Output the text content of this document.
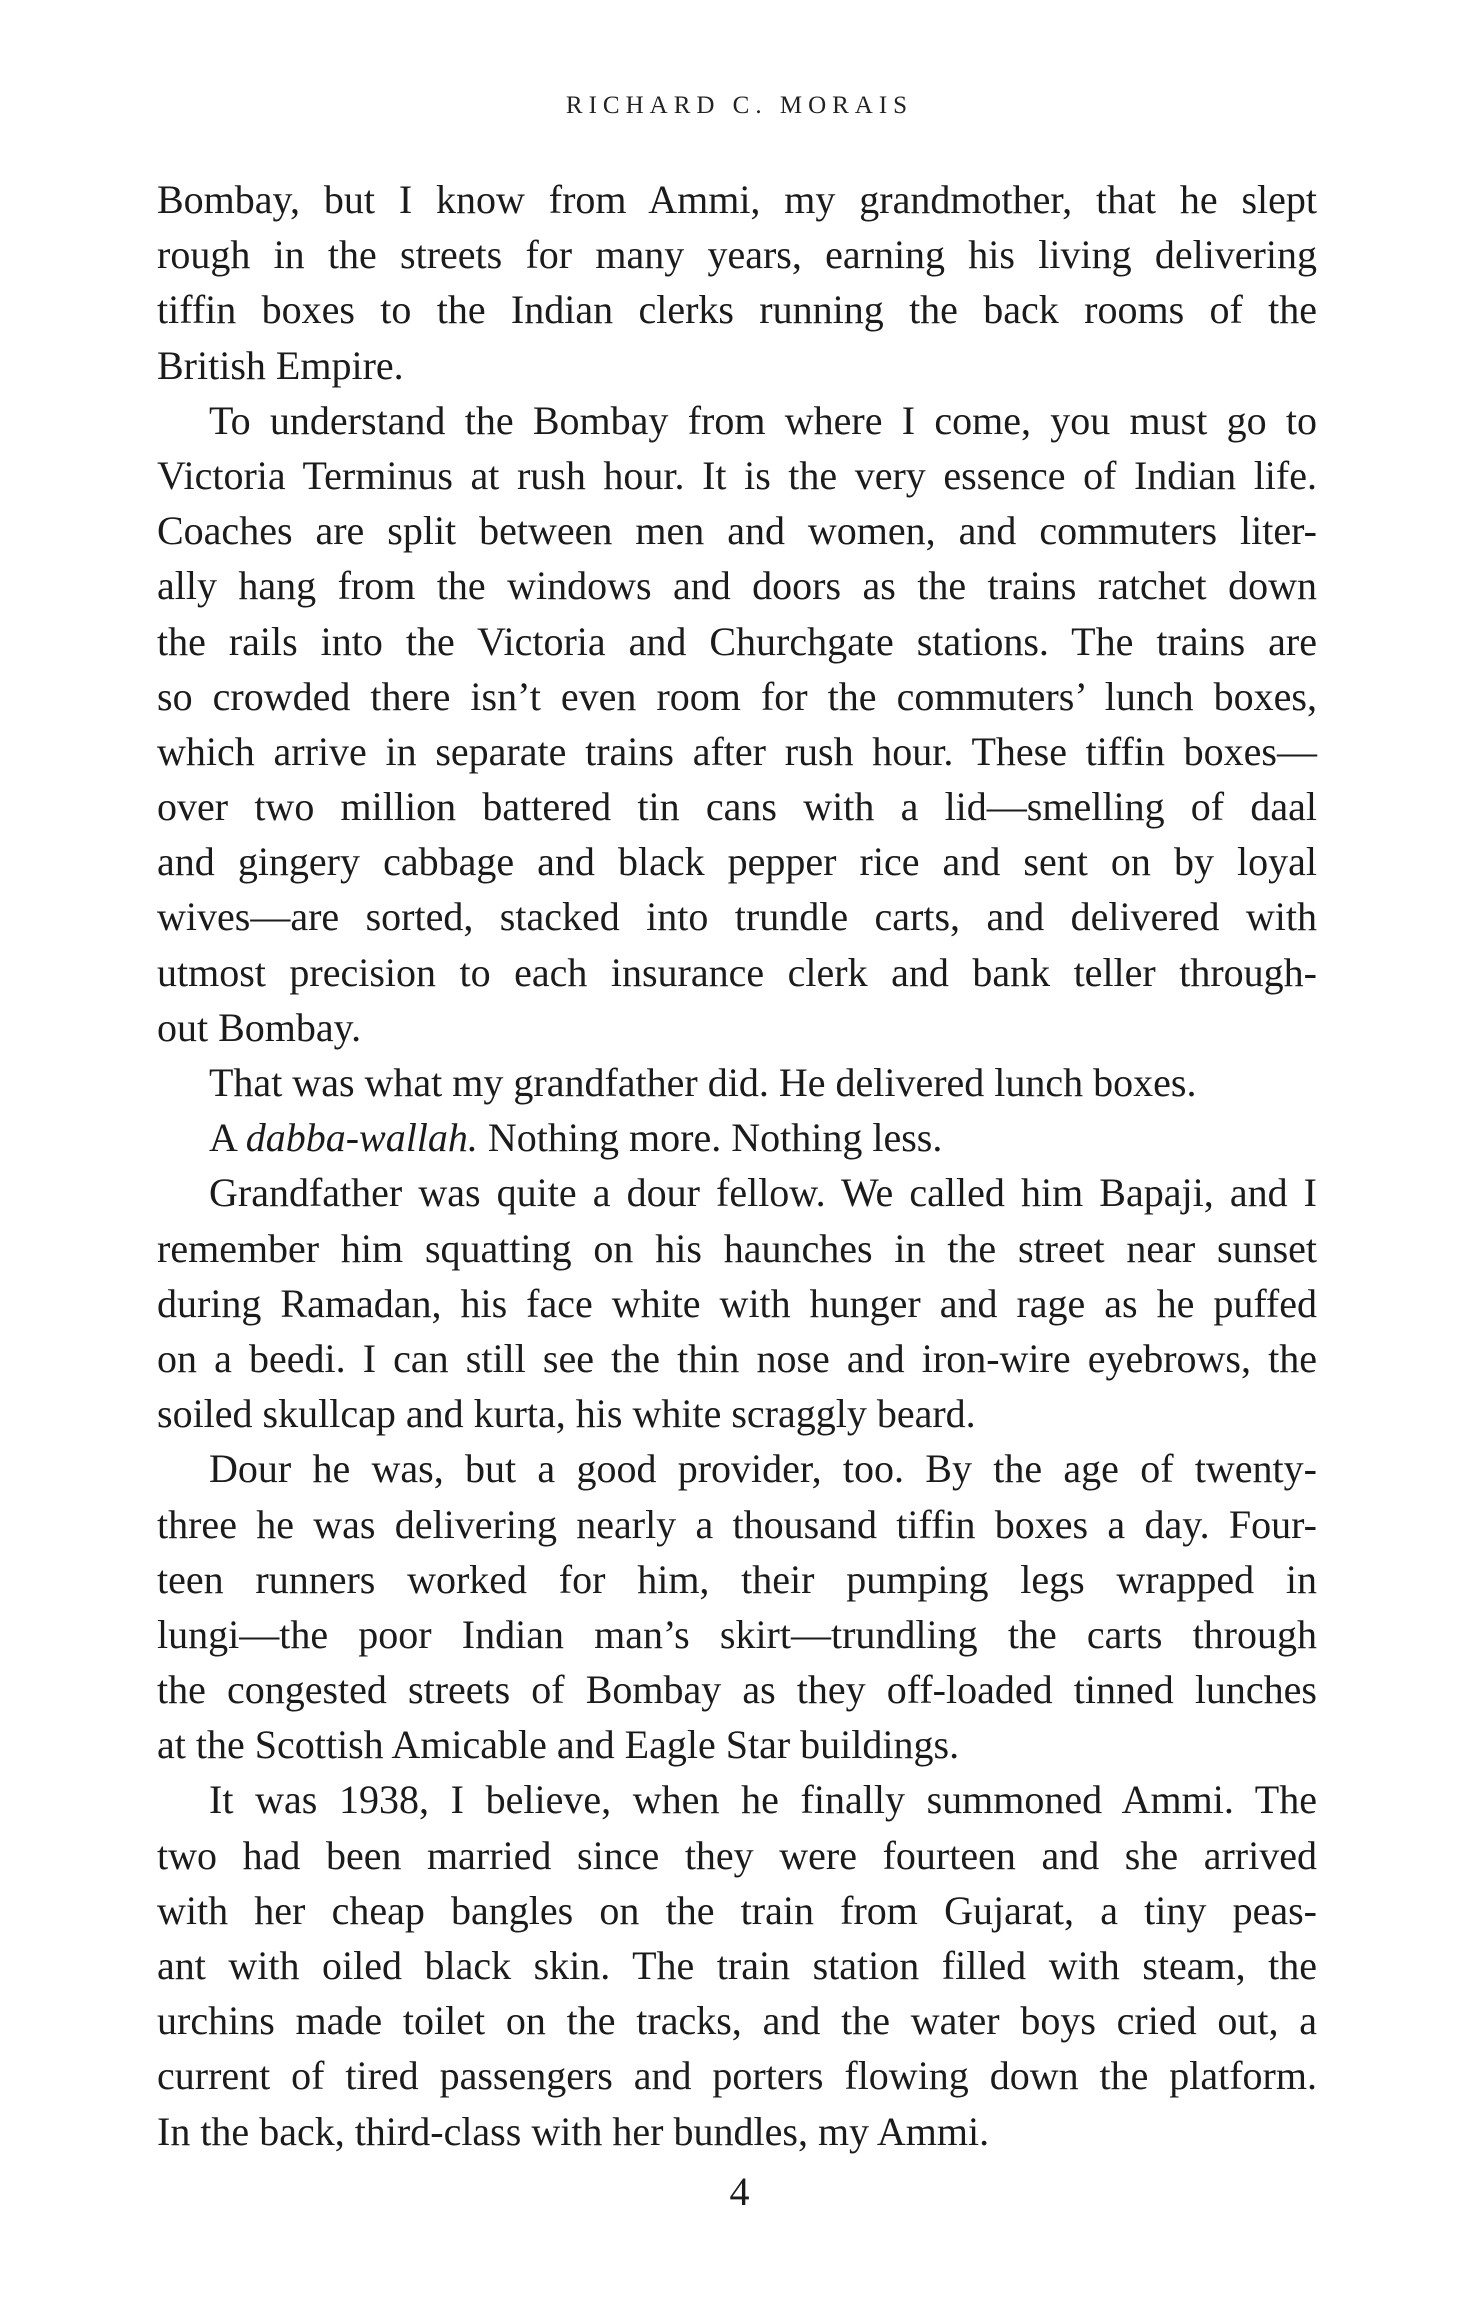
RICHARD C. MORAIS
Bombay, but I know from Ammi, my grandmother, that he slept
rough in the streets for many years, earning his living delivering
tiffin boxes to the Indian clerks running the back rooms of the
British Empire.
To understand the Bombay from where I come, you must go to
Victoria Terminus at rush hour. It is the very essence of Indian life.
Coaches are split between men and women, and commuters liter-
ally hang from the windows and doors as the trains ratchet down
the rails into the Victoria and Churchgate stations. The trains are
so crowded there isn’t even room for the commuters’ lunch boxes,
which arrive in separate trains after rush hour. These tiffin boxes—
over two million battered tin cans with a lid—smelling of daal
and gingery cabbage and black pepper rice and sent on by loyal
wives—are sorted, stacked into trundle carts, and delivered with
utmost precision to each insurance clerk and bank teller through-
out Bombay.
That was what my grandfather did. He delivered lunch boxes.
A dabba-wallah. Nothing more. Nothing less.
Grandfather was quite a dour fellow. We called him Bapaji, and I
remember him squatting on his haunches in the street near sunset
during Ramadan, his face white with hunger and rage as he puffed
on a beedi. I can still see the thin nose and iron-wire eyebrows, the
soiled skullcap and kurta, his white scraggly beard.
Dour he was, but a good provider, too. By the age of twenty-
three he was delivering nearly a thousand tiffin boxes a day. Four-
teen runners worked for him, their pumping legs wrapped in
lungi—the poor Indian man’s skirt—trundling the carts through
the congested streets of Bombay as they off-loaded tinned lunches
at the Scottish Amicable and Eagle Star buildings.
It was 1938, I believe, when he finally summoned Ammi. The
two had been married since they were fourteen and she arrived
with her cheap bangles on the train from Gujarat, a tiny peas-
ant with oiled black skin. The train station filled with steam, the
urchins made toilet on the tracks, and the water boys cried out, a
current of tired passengers and porters flowing down the platform.
In the back, third-class with her bundles, my Ammi.
4
